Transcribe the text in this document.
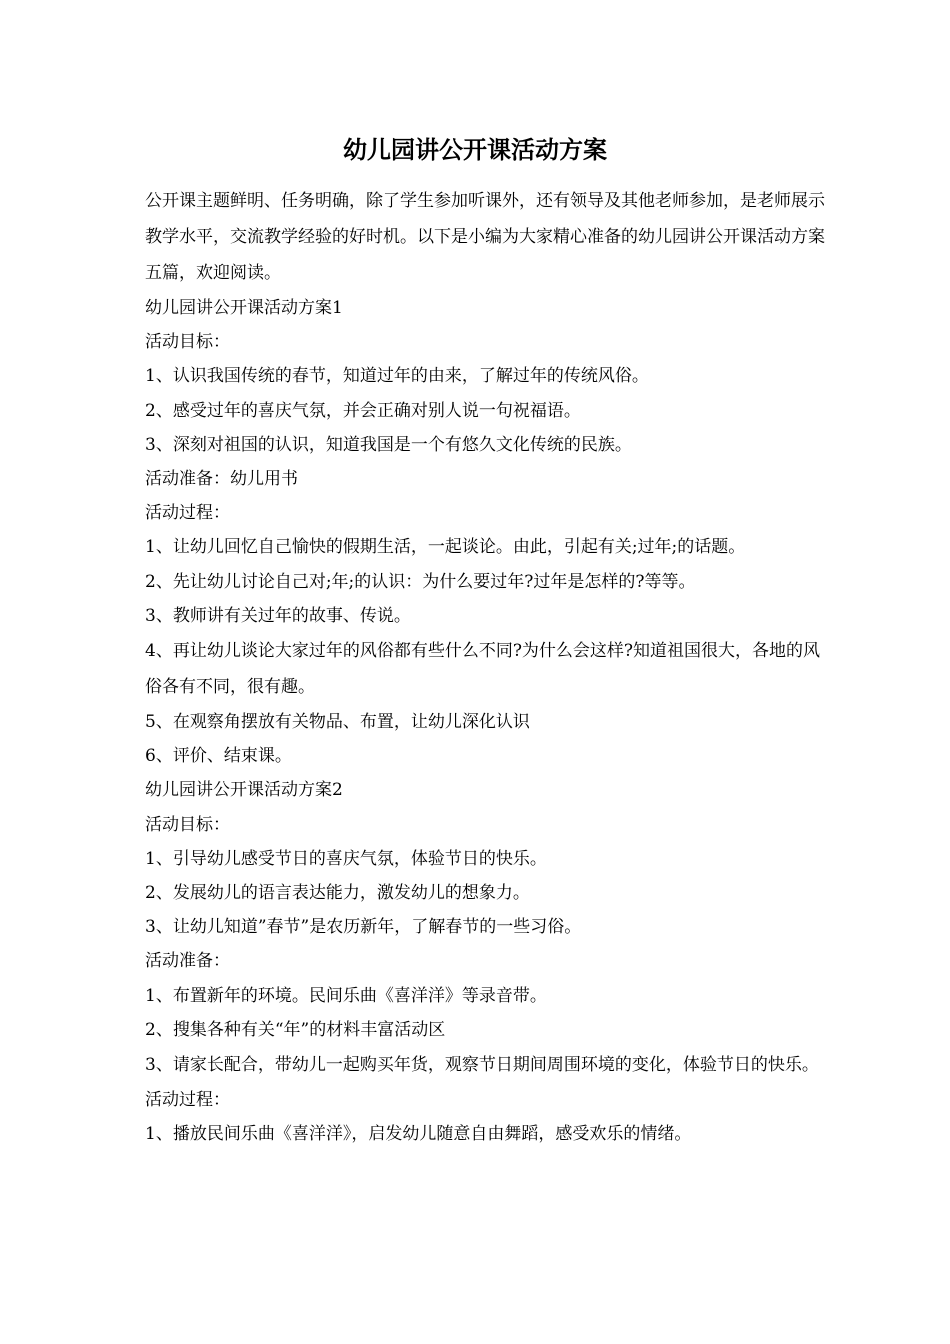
幼儿园讲公开课活动方案

公开课主题鲜明、任务明确，除了学生参加听课外，还有领导及其他老师参加，是老师展示教学水平，交流教学经验的好时机。以下是小编为大家精心准备的幼儿园讲公开课活动方案五篇，欢迎阅读。

幼儿园讲公开课活动方案1

活动目标：

1、认识我国传统的春节，知道过年的由来，了解过年的传统风俗。

2、感受过年的喜庆气氛，并会正确对别人说一句祝福语。

3、深刻对祖国的认识，知道我国是一个有悠久文化传统的民族。

活动准备：幼儿用书

活动过程：

1、让幼儿回忆自己愉快的假期生活，一起谈论。由此，引起有关;过年;的话题。

2、先让幼儿讨论自己对;年;的认识：为什么要过年?过年是怎样的?等等。

3、教师讲有关过年的故事、传说。

4、再让幼儿谈论大家过年的风俗都有些什么不同?为什么会这样?知道祖国很大，各地的风俗各有不同，很有趣。

5、在观察角摆放有关物品、布置，让幼儿深化认识

6、评价、结束课。

幼儿园讲公开课活动方案2

活动目标：

1、引导幼儿感受节日的喜庆气氛，体验节日的快乐。

2、发展幼儿的语言表达能力，激发幼儿的想象力。

3、让幼儿知道”春节”是农历新年，了解春节的一些习俗。

活动准备：

1、布置新年的环境。民间乐曲《喜洋洋》等录音带。

2、搜集各种有关“年”的材料丰富活动区

3、请家长配合，带幼儿一起购买年货，观察节日期间周围环境的变化，体验节日的快乐。

活动过程：

1、播放民间乐曲《喜洋洋》，启发幼儿随意自由舞蹈，感受欢乐的情绪。
